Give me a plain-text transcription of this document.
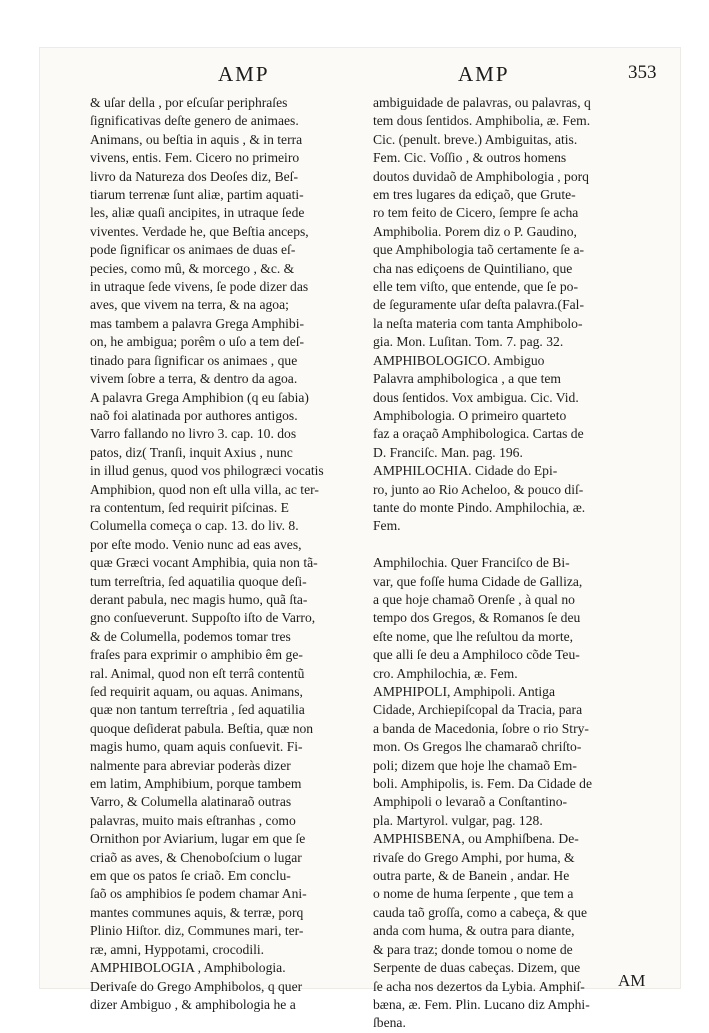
AMP	AMP	353
& uſar della , por eſcuſar periphraſes
ſignificativas deſte genero de animaes.
Animans, ou beſtia in aquis , & in terra
vivens, entis. Fem. Cicero no primeiro
livro da Natureza dos Deoſes diz, Beſ-
tiarum terrenæ ſunt aliæ, partim aquati-
les, aliæ quaſi ancipites, in utraque ſede
viventes. Verdade he, que Beſtia anceps,
pode ſignificar os animaes de duas eſ-
pecies, como mû, & morcego , &c. &
in utraque ſede vivens, ſe pode dizer das
aves, que vivem na terra, & na agoa;
mas tambem a palavra Grega Amphibi-
on, he ambigua; porêm o uſo a tem deſ-
tinado para ſignificar os animaes , que
vivem ſobre a terra, & dentro da agoa.
A palavra Grega Amphibion (q eu ſabia)
naõ foi alatinada por authores antigos.
Varro fallando no livro 3. cap. 10. dos
patos, diz( Tranſi, inquit Axius , nunc
in illud genus, quod vos philogræci vocatis
Amphibion, quod non eſt ulla villa, ac ter-
ra contentum, ſed requirit piſcinas. E
Columella começa o cap. 13. do liv. 8.
por eſte modo. Venio nunc ad eas aves,
quæ Græci vocant Amphibia, quia non tã-
tum terreſtria, ſed aquatilia quoque deſi-
derant pabula, nec magis humo, quã ſta-
gno conſueverunt. Suppoſto iſto de Varro,
& de Columella, podemos tomar tres
fraſes para exprimir o amphibio êm ge-
ral. Animal, quod non eſt terrâ contentũ
ſed requirit aquam, ou aquas. Animans,
quæ non tantum terreſtria , ſed aquatilia
quoque deſiderat pabula. Beſtia, quæ non
magis humo, quam aquis conſuevit. Fi-
nalmente para abreviar poderàs dizer
em latim, Amphibium, porque tambem
Varro, & Columella alatinaraõ outras
palavras, muito mais eſtranhas , como
Ornithon por Aviarium, lugar em que ſe
criaõ as aves, & Chenoboſcium o lugar
em que os patos ſe criaõ. Em conclu-
ſaõ os amphibios ſe podem chamar Ani-
mantes communes aquis, & terræ, porq
Plinio Hiſtor. diz, Communes mari, ter-
ræ, amni, Hyppotami, crocodili.
AMPHIBOLOGIA , Amphibologia.
Derivaſe do Grego Amphibolos, q quer
dizer Ambiguo , & amphibologia he a
ambiguidade de palavras, ou palavras, q
tem dous ſentidos. Amphibolia, æ. Fem.
Cic. (penult. breve.) Ambiguitas, atis.
Fem. Cic. Voſſio , & outros homens
doutos duvidaõ de Amphibologia , porq
em tres lugares da ediçaõ, que Grute-
ro tem feito de Cicero, ſempre ſe acha
Amphibolia. Porem diz o P. Gaudino,
que Amphibologia taõ certamente ſe a-
cha nas ediçoens de Quintiliano, que
elle tem viſto, que entende, que ſe po-
de ſeguramente uſar deſta palavra.(Fal-
la neſta materia com tanta Amphibolo-
gia. Mon. Luſitan. Tom. 7. pag. 32.
AMPHIBOLOGICO. Ambiguo
Palavra amphibologica , a que tem
dous ſentidos. Vox ambigua. Cic. Vid.
Amphibologia. O primeiro quarteto
faz a oraçaõ Amphibologica. Cartas de
D. Franciſc. Man. pag. 196.
AMPHILOCHIA. Cidade do Epi-
ro, junto ao Rio Acheloo, & pouco diſ-
tante do monte Pindo. Amphilochia, æ.
Fem.
Amphilochia. Quer Franciſco de Bi-
var, que foſſe huma Cidade de Galliza,
a que hoje chamaõ Orenſe , à qual no
tempo dos Gregos, & Romanos ſe deu
eſte nome, que lhe reſultou da morte,
que alli ſe deu a Amphiloco cõde Teu-
cro. Amphilochia, æ. Fem.
AMPHIPOLI, Amphipoli. Antiga
Cidade, Archiepiſcopal da Tracia, para
a banda de Macedonia, ſobre o rio Stry-
mon. Os Gregos lhe chamaraõ chriſto-
poli; dizem que hoje lhe chamaõ Em-
boli. Amphipolis, is. Fem. Da Cidade de
Amphipoli o levaraõ a Conſtantino-
pla. Martyrol. vulgar, pag. 128.
AMPHISBENA, ou Amphiſbena. De-
rivaſe do Grego Amphi, por huma, &
outra parte, & de Banein , andar. He
o nome de huma ſerpente , que tem a
cauda taõ groſſa, como a cabeça, & que
anda com huma, & outra para diante,
& para traz; donde tomou o nome de
Serpente de duas cabeças. Dizem, que
ſe acha nos dezertos da Lybia. Amphiſ-
bæna, æ. Fem. Plin. Lucano diz Amphi-
ſbena.
AM
